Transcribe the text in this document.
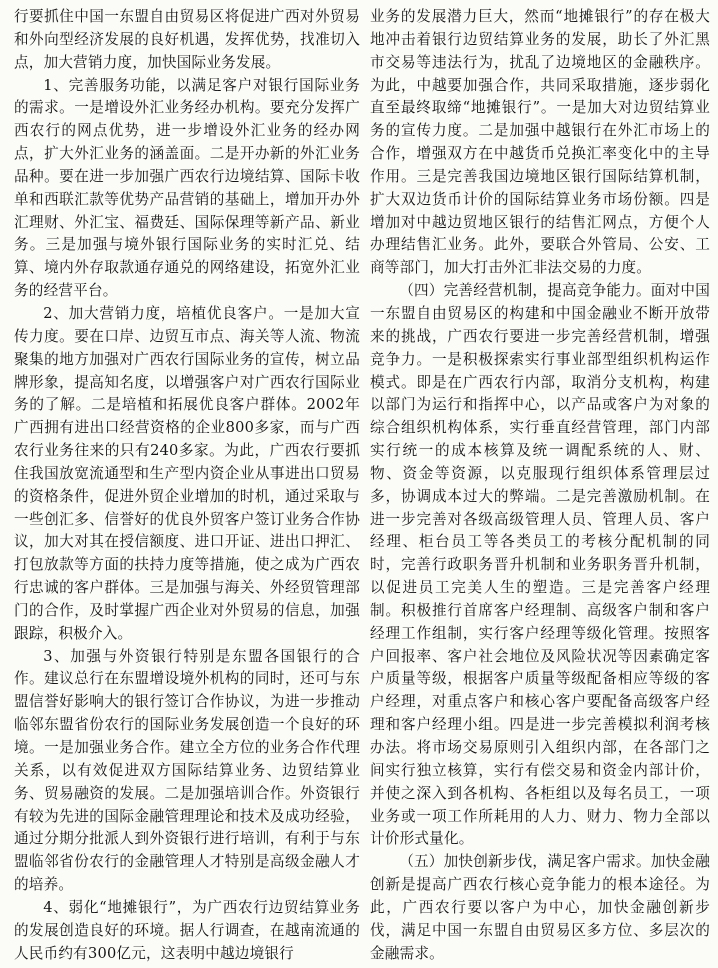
行要抓住中国一东盟自由贸易区将促进广西对外贸易和外向型经济发展的良好机遇，发挥优势，找准切入点，加大营销力度，加快国际业务发展。

1、完善服务功能，以满足客户对银行国际业务的需求。一是增设外汇业务经办机构。要充分发挥广西农行的网点优势，进一步增设外汇业务的经办网点，扩大外汇业务的涵盖面。二是开办新的外汇业务品种。要在进一步加强广西农行边境结算、国际卡收单和西联汇款等优势产品营销的基础上，增加开办外汇理财、外汇宝、福费廷、国际保理等新产品、新业务。三是加强与境外银行国际业务的实时汇兑、结算、境内外存取款通存通兑的网络建设，拓宽外汇业务的经营平台。

2、加大营销力度，培植优良客户。一是加大宣传力度。要在口岸、边贸互市点、海关等人流、物流聚集的地方加强对广西农行国际业务的宣传，树立品牌形象，提高知名度，以增强客户对广西农行国际业务的了解。二是培植和拓展优良客户群体。2002年广西拥有进出口经营资格的企业800多家，而与广西农行业务往来的只有240多家。为此，广西农行要抓住我国放宽流通型和生产型内资企业从事进出口贸易的资格条件，促进外贸企业增加的时机，通过采取与一些创汇多、信誉好的优良外贸客户签订业务合作协议，加大对其在授信额度、进口开证、进出口押汇、打包放款等方面的扶持力度等措施，使之成为广西农行忠诚的客户群体。三是加强与海关、外经贸管理部门的合作，及时掌握广西企业对外贸易的信息，加强跟踪，积极介入。

3、加强与外资银行特别是东盟各国银行的合作。建议总行在东盟增设境外机构的同时，还可与东盟信誉好影响大的银行签订合作协议，为进一步推动临邻东盟省份农行的国际业务发展创造一个良好的环境。一是加强业务合作。建立全方位的业务合作代理关系，以有效促进双方国际结算业务、边贸结算业务、贸易融资的发展。二是加强培训合作。外资银行有较为先进的国际金融管理理论和技术及成功经验，通过分期分批派人到外资银行进行培训，有利于与东盟临邻省份农行的金融管理人才特别是高级金融人才的培养。

4、弱化“地摊银行”，为广西农行边贸结算业务的发展创造良好的环境。据人行调查，在越南流通的人民币约有300亿元，这表明中越边境银行

业务的发展潜力巨大，然而“地摊银行”的存在极大地冲击着银行边贸结算业务的发展，助长了外汇黑市交易等违法行为，扰乱了边境地区的金融秩序。为此，中越要加强合作，共同采取措施，逐步弱化直至最终取缔“地摊银行”。一是加大对边贸结算业务的宣传力度。二是加强中越银行在外汇市场上的合作，增强双方在中越货币兑换汇率变化中的主导作用。三是完善我国边境地区银行国际结算机制，扩大双边货币计价的国际结算业务市场份额。四是增加对中越边贸地区银行的结售汇网点，方便个人办理结售汇业务。此外，要联合外管局、公安、工商等部门，加大打击外汇非法交易的力度。

（四）完善经营机制，提高竞争能力。面对中国一东盟自由贸易区的构建和中国金融业不断开放带来的挑战，广西农行要进一步完善经营机制，增强竞争力。一是积极探索实行事业部型组织机构运作模式。即是在广西农行内部，取消分支机构，构建以部门为运行和指挥中心，以产品或客户为对象的综合组织机构体系，实行垂直经营管理，部门内部实行统一的成本核算及统一调配系统的人、财、物、资金等资源，以克服现行组织体系管理层过多，协调成本过大的弊端。二是完善激励机制。在进一步完善对各级高级管理人员、管理人员、客户经理、柜台员工等各类员工的考核分配机制的同时，完善行政职务晋升机制和业务职务晋升机制，以促进员工完美人生的塑造。三是完善客户经理制。积极推行首席客户经理制、高级客户制和客户经理工作组制，实行客户经理等级化管理。按照客户回报率、客户社会地位及风险状况等因素确定客户质量等级，根据客户质量等级配备相应等级的客户经理，对重点客户和核心客户要配备高级客户经理和客户经理小组。四是进一步完善模拟利润考核办法。将市场交易原则引入组织内部，在各部门之间实行独立核算，实行有偿交易和资金内部计价，并使之深入到各机构、各柜组以及每名员工，一项业务或一项工作所耗用的人力、财力、物力全部以计价形式量化。

（五）加快创新步伐，满足客户需求。加快金融创新是提高广西农行核心竞争能力的根本途径。为此，广西农行要以客户为中心，加快金融创新步伐，满足中国一东盟自由贸易区多方位、多层次的金融需求。
